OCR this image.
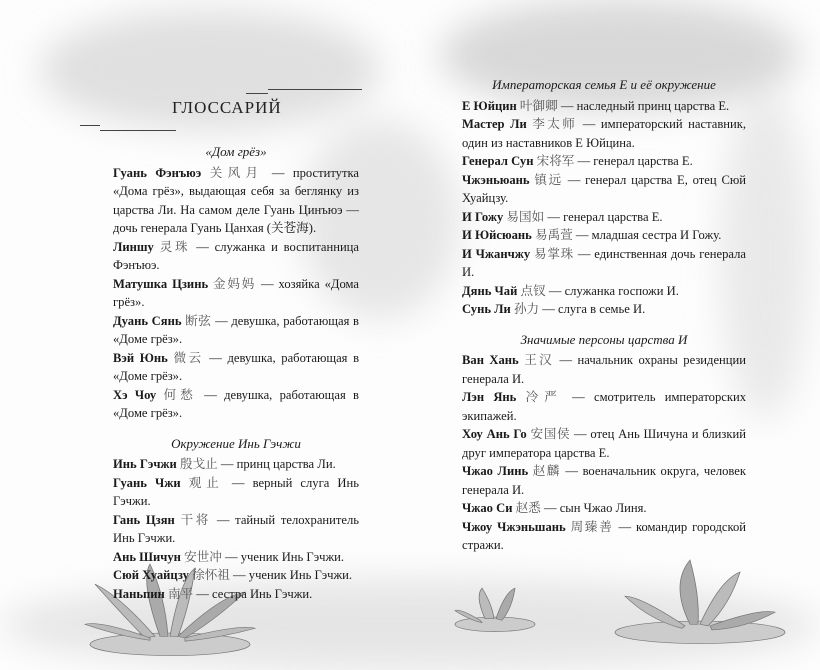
ГЛОССАРИЙ

«Дом грёз»

Гуань Фэнъюэ 关风月 — проститутка «Дома грёз», выдающая себя за беглянку из царства Ли. На самом деле Гуань Цинъюэ — дочь генерала Гуань Цанхая (关苍海).

Линшу 灵珠 — служанка и воспитанница Фэнъюэ.

Матушка Цзинь 金妈妈 — хозяйка «Дома грёз».

Дуань Сянь 断弦 — девушка, работающая в «Доме грёз».

Вэй Юнь 微云 — девушка, работающая в «Доме грёз».

Хэ Чоу 何愁 — девушка, работающая в «Доме грёз».

Окружение Инь Гэчжи

Инь Гэчжи 殷戈止 — принц царства Ли.

Гуань Чжи 观止 — верный слуга Инь Гэчжи.

Гань Цзян 干将 — тайный телохранитель Инь Гэчжи.

Ань Шичун 安世冲 — ученик Инь Гэчжи.

Сюй Хуайцзу 徐怀祖 — ученик Инь Гэчжи.

Наньпин 南平 — сестра Инь Гэчжи.

Императорская семья Е и её окружение

Е Юйцин 叶御卿 — наследный принц царства Е.

Мастер Ли 李太师 — императорский наставник, один из наставников Е Юйцина.

Генерал Сун 宋将军 — генерал царства Е.

Чжэньюань 镇远 — генерал царства Е, отец Сюй Хуайцзу.

И Гожу 易国如 — генерал царства Е.

И Юйсюань 易禹萱 — младшая сестра И Гожу.

И Чжанчжу 易掌珠 — единственная дочь генерала И.

Дянь Чай 点钗 — служанка госпожи И.

Сунь Ли 孙力 — слуга в семье И.

Значимые персоны царства И

Ван Хань 王汉 — начальник охраны резиденции генерала И.

Лэн Янь 冷严 — смотритель императорских экипажей.

Хоу Ань Го 安国侯 — отец Ань Шичуна и близкий друг императора царства Е.

Чжао Линь 赵麟 — военачальник округа, человек генерала И.

Чжао Си 赵悉 — сын Чжао Линя.

Чжоу Чжэньшань 周臻善 — командир городской стражи.
